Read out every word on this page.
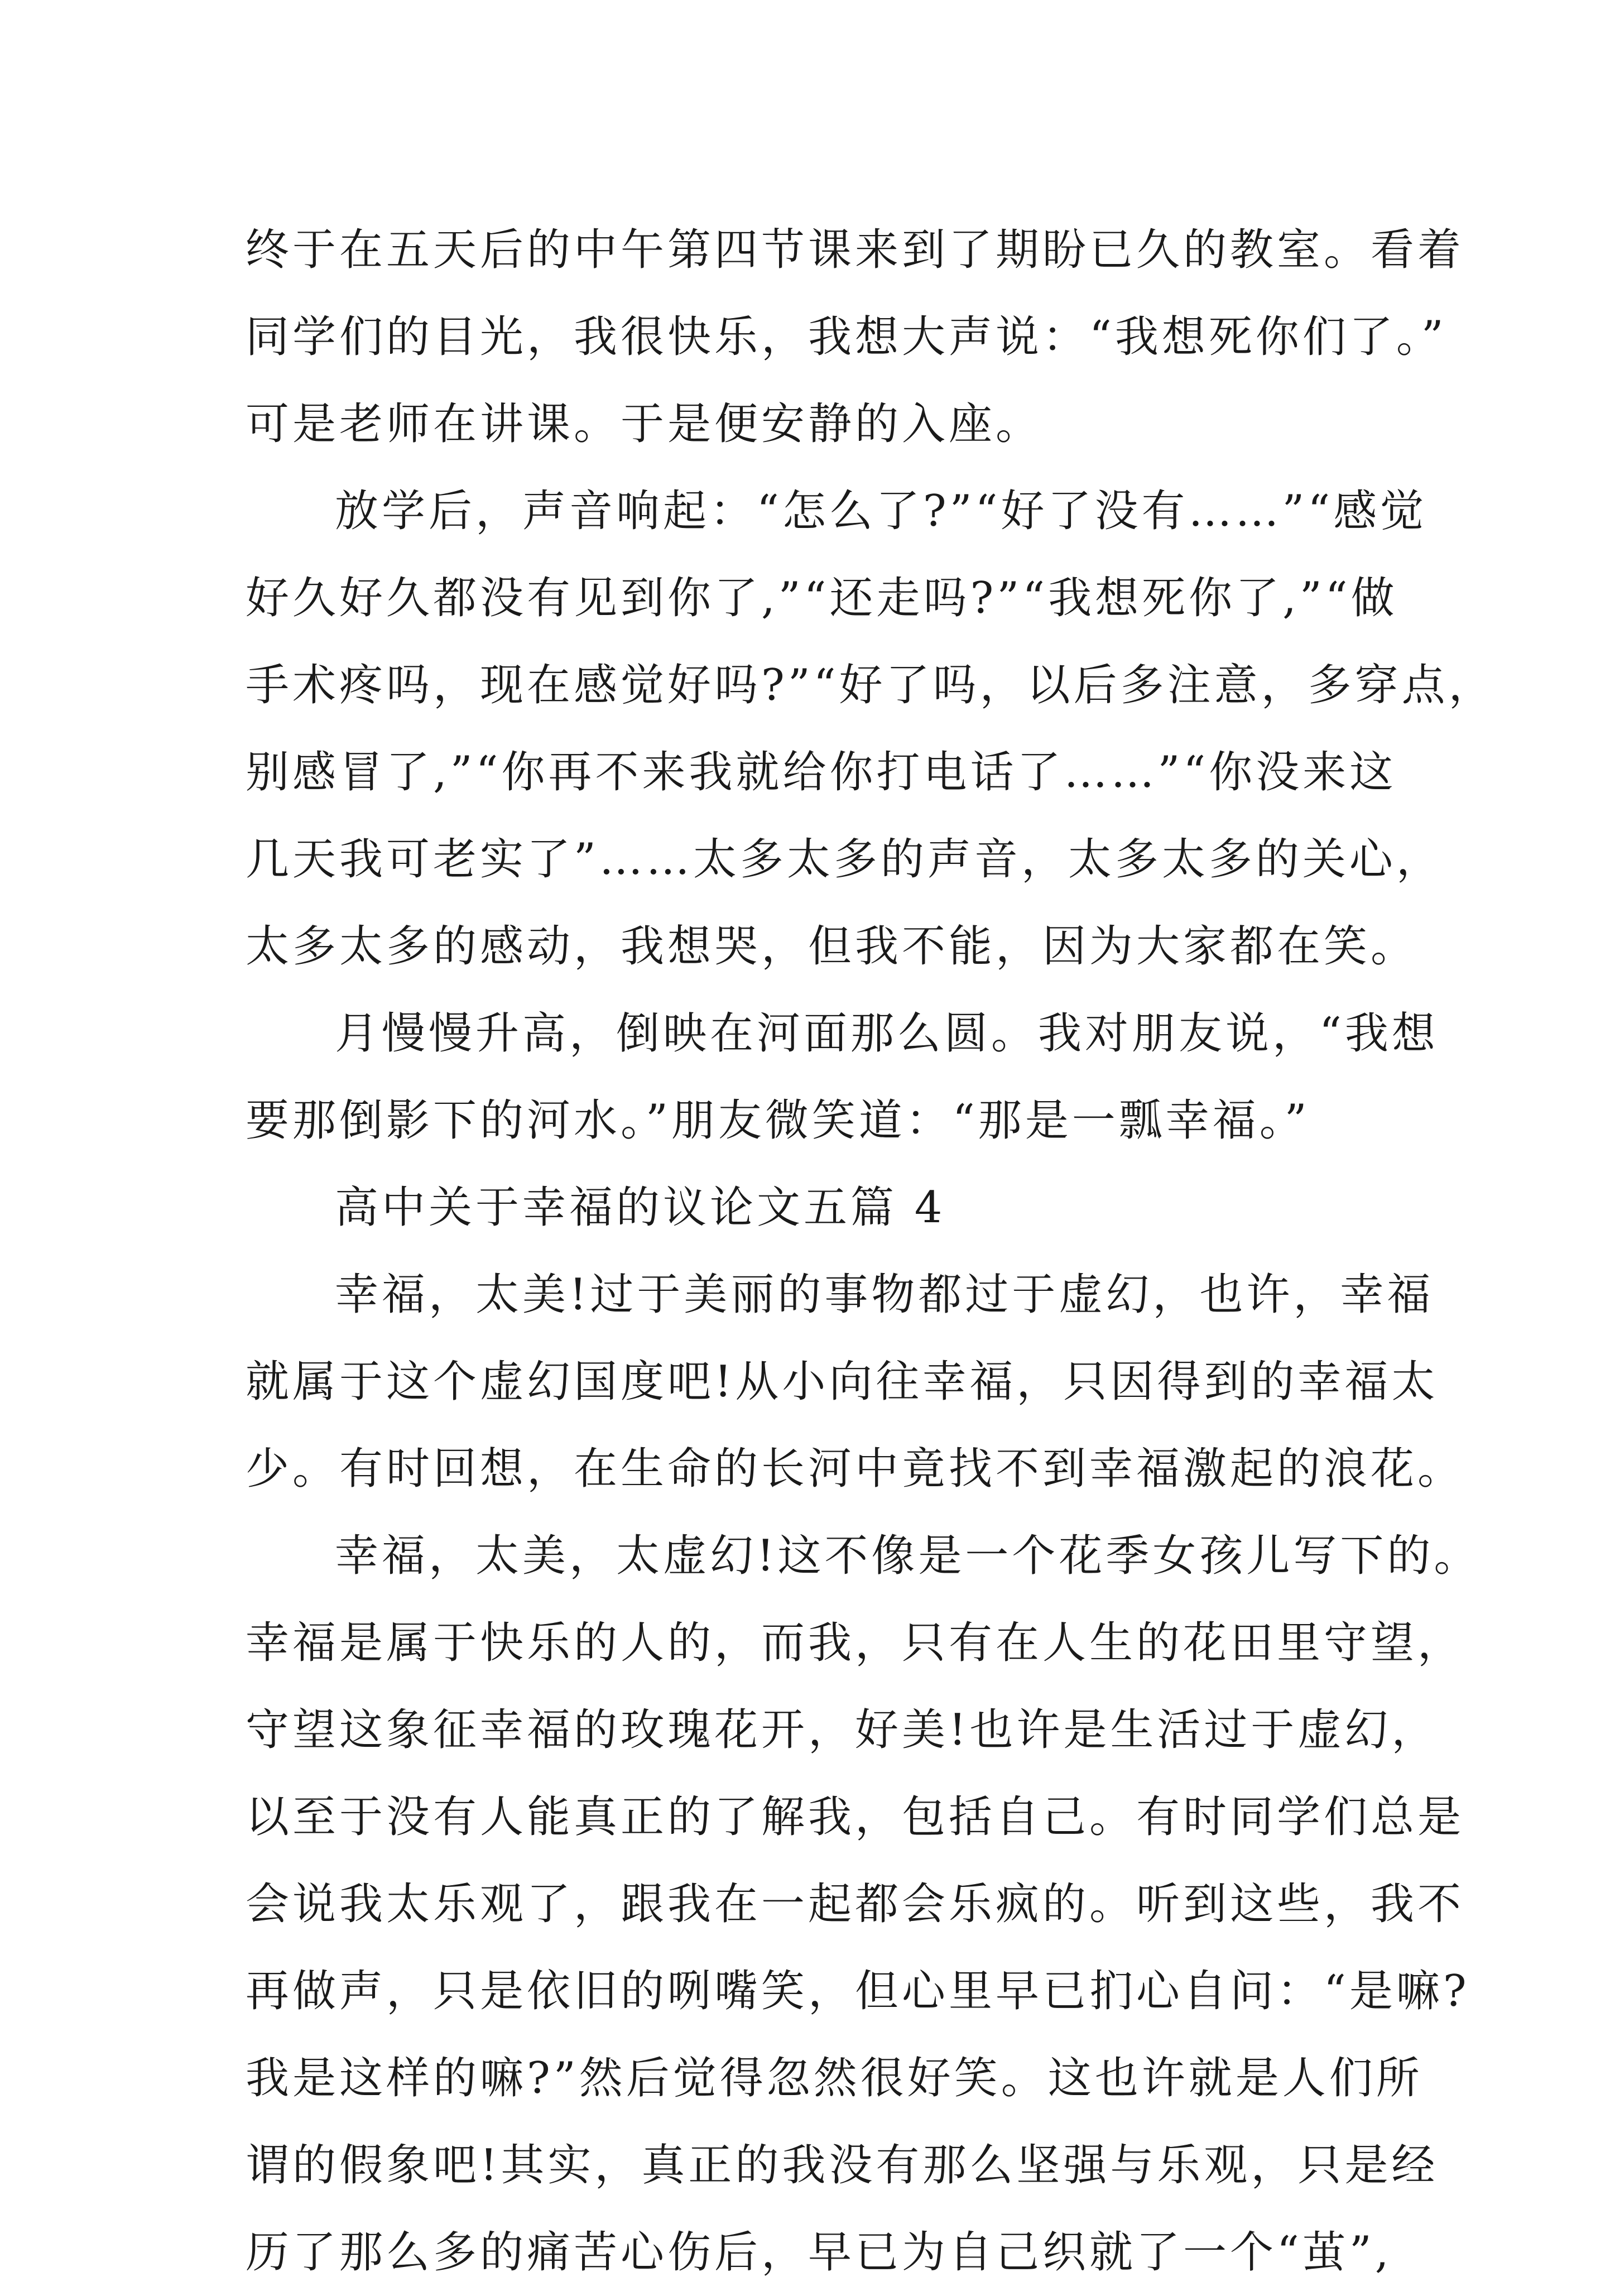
终于在五天后的中午第四节课来到了期盼已久的教室。看着
同学们的目光，我很快乐，我想大声说：“我想死你们了。”
可是老师在讲课。于是便安静的入座。
放学后，声音响起：“怎么了?”“好了没有……”“感觉
好久好久都没有见到你了,”“还走吗?”“我想死你了,”“做
手术疼吗，现在感觉好吗?”“好了吗，以后多注意，多穿点，
别感冒了,”“你再不来我就给你打电话了……”“你没来这
几天我可老实了”……太多太多的声音，太多太多的关心，
太多太多的感动，我想哭，但我不能，因为大家都在笑。
月慢慢升高，倒映在河面那么圆。我对朋友说，“我想
要那倒影下的河水。”朋友微笑道：“那是一瓢幸福。”
高中关于幸福的议论文五篇 4
幸福，太美!过于美丽的事物都过于虚幻，也许，幸福
就属于这个虚幻国度吧!从小向往幸福，只因得到的幸福太
少。有时回想，在生命的长河中竟找不到幸福激起的浪花。
幸福，太美，太虚幻!这不像是一个花季女孩儿写下的。
幸福是属于快乐的人的，而我，只有在人生的花田里守望，
守望这象征幸福的玫瑰花开，好美!也许是生活过于虚幻，
以至于没有人能真正的了解我，包括自己。有时同学们总是
会说我太乐观了，跟我在一起都会乐疯的。听到这些，我不
再做声，只是依旧的咧嘴笑，但心里早已扪心自问：“是嘛?
我是这样的嘛?”然后觉得忽然很好笑。这也许就是人们所
谓的假象吧!其实，真正的我没有那么坚强与乐观，只是经
历了那么多的痛苦心伤后，早已为自己织就了一个“茧”,
